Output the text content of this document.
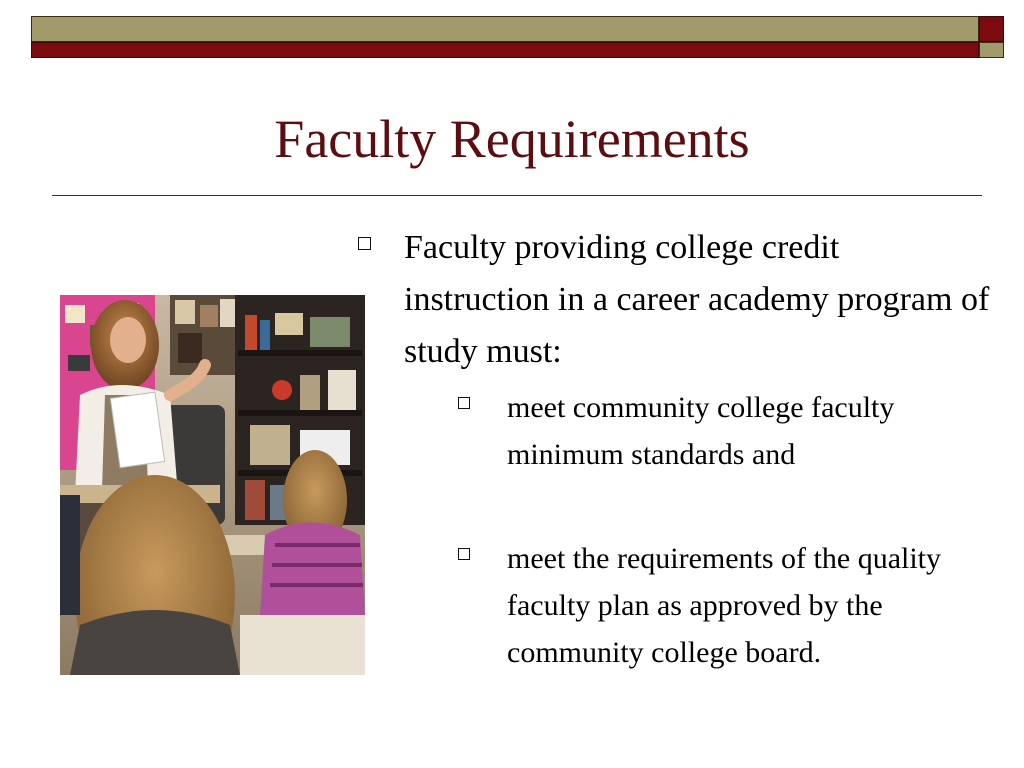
Faculty Requirements
Faculty providing college credit instruction in a career academy program of study must:
meet community college faculty minimum standards and
meet the requirements of the quality faculty plan as approved by the community college board.
